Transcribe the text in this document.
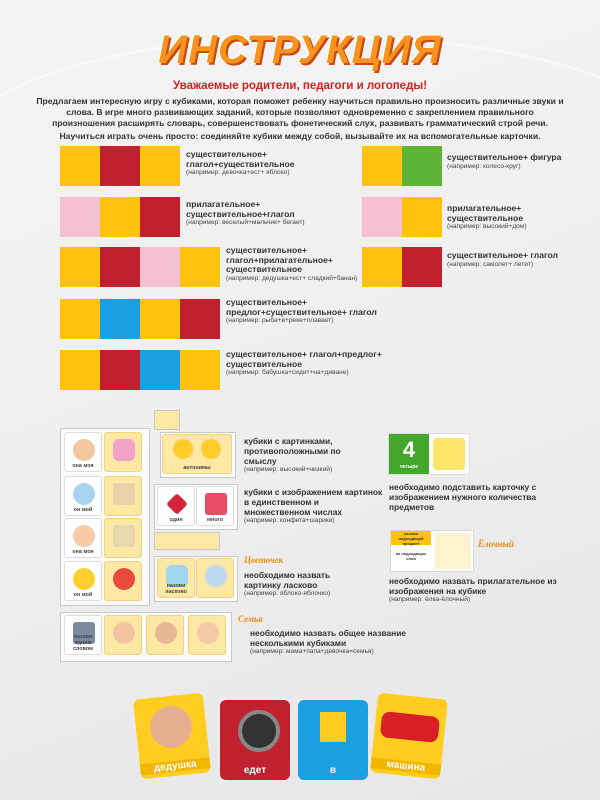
ИНСТРУКЦИЯ
Уважаемые родители, педагоги и логопеды!
Предлагаем интересную игру с кубиками, которая поможет ребенку научиться правильно произносить различные звуки и слова. В игре много развивающих заданий, которые позволяют одновременно с закреплением правильного произношения расширять словарь, совершенствовать фонетический слух, развивать грамматический строй речи.
Научиться играть очень просто: соединяйте кубики между собой, вызывайте их на вспомогательные карточки.
существительное+ глагол+существительное
(например: девочка+ест+ яблоко)
прилагательное+ существительное+глагол
(например: веселый+мальчик+ бегает)
существительное+ глагол+прилагательное+ существительное
(например: дедушка+ест+ сладкий+банан)
существительное+ предлог+существительное+ глагол
(например: рыба+в+реке+плавает)
существительное+ глагол+предлог+ существительное
(например: бабушка+сидит+на+диване)
существительное+ фигура
(например: колесо-круг)
прилагательное+ существительное
(например: высокий+дом)
существительное+ глагол
(например: самолет+ летит)
она моя
он мой
она моя
он мой
антонимы
кубики с картинками, противоположными по смыслу
(например: высокий+низкий)
один	много
кубики с изображением картинок в единственном и множественном числах
(например: конфета+шарики)
Цветочек
назови ласково
необходимо назвать картинку ласково
(например: яблоко-яблочко)
Семья
назови одним словом
необходимо назвать общее название несколькими кубиками
(например: мама+папа+девочка=семья)
4
четыре
необходимо подставить карточку с изображением нужного количества предметов
назови подходящий предмет
из подходящих слов
Ёлочный
необходимо назвать прилагательное из изображения на кубике
(например: ёлка-ёлочный)
дедушка	едет	в	машина
